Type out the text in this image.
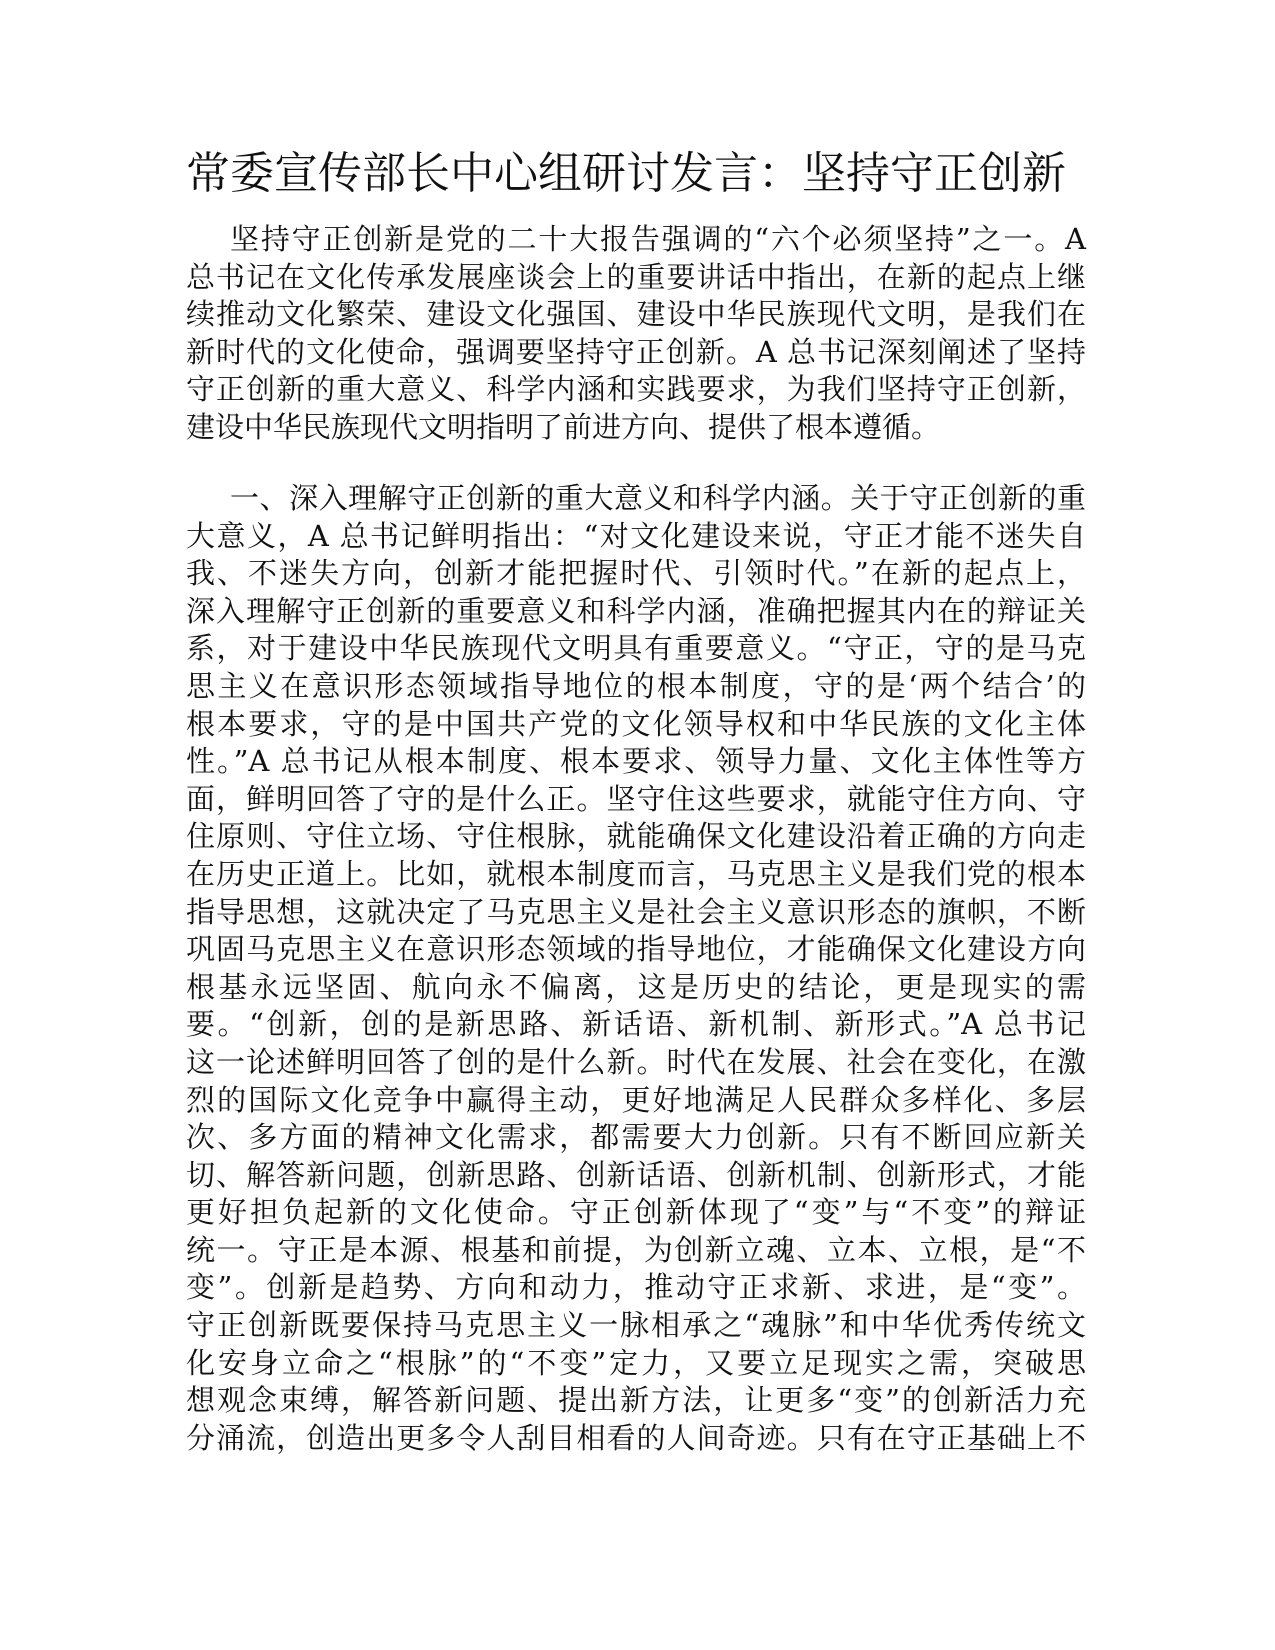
常委宣传部长中心组研讨发言：坚持守正创新
坚持守正创新是党的二十大报告强调的“六个必须坚持”之一。A
总书记在文化传承发展座谈会上的重要讲话中指出，在新的起点上继
续推动文化繁荣、建设文化强国、建设中华民族现代文明，是我们在
新时代的文化使命，强调要坚持守正创新。A 总书记深刻阐述了坚持
守正创新的重大意义、科学内涵和实践要求，为我们坚持守正创新，
建设中华民族现代文明指明了前进方向、提供了根本遵循。
一、深入理解守正创新的重大意义和科学内涵。关于守正创新的重
大意义，A 总书记鲜明指出：“对文化建设来说，守正才能不迷失自
我、不迷失方向，创新才能把握时代、引领时代。”在新的起点上，
深入理解守正创新的重要意义和科学内涵，准确把握其内在的辩证关
系，对于建设中华民族现代文明具有重要意义。“守正，守的是马克
思主义在意识形态领域指导地位的根本制度，守的是‘两个结合’的
根本要求，守的是中国共产党的文化领导权和中华民族的文化主体
性。”A 总书记从根本制度、根本要求、领导力量、文化主体性等方
面，鲜明回答了守的是什么正。坚守住这些要求，就能守住方向、守
住原则、守住立场、守住根脉，就能确保文化建设沿着正确的方向走
在历史正道上。比如，就根本制度而言，马克思主义是我们党的根本
指导思想，这就决定了马克思主义是社会主义意识形态的旗帜，不断
巩固马克思主义在意识形态领域的指导地位，才能确保文化建设方向
根基永远坚固、航向永不偏离，这是历史的结论，更是现实的需
要。“创新，创的是新思路、新话语、新机制、新形式。”A 总书记
这一论述鲜明回答了创的是什么新。时代在发展、社会在变化，在激
烈的国际文化竞争中赢得主动，更好地满足人民群众多样化、多层
次、多方面的精神文化需求，都需要大力创新。只有不断回应新关
切、解答新问题，创新思路、创新话语、创新机制、创新形式，才能
更好担负起新的文化使命。守正创新体现了“变”与“不变”的辩证
统一。守正是本源、根基和前提，为创新立魂、立本、立根，是“不
变”。创新是趋势、方向和动力，推动守正求新、求进，是“变”。
守正创新既要保持马克思主义一脉相承之“魂脉”和中华优秀传统文
化安身立命之“根脉”的“不变”定力，又要立足现实之需，突破思
想观念束缚，解答新问题、提出新方法，让更多“变”的创新活力充
分涌流，创造出更多令人刮目相看的人间奇迹。只有在守正基础上不
